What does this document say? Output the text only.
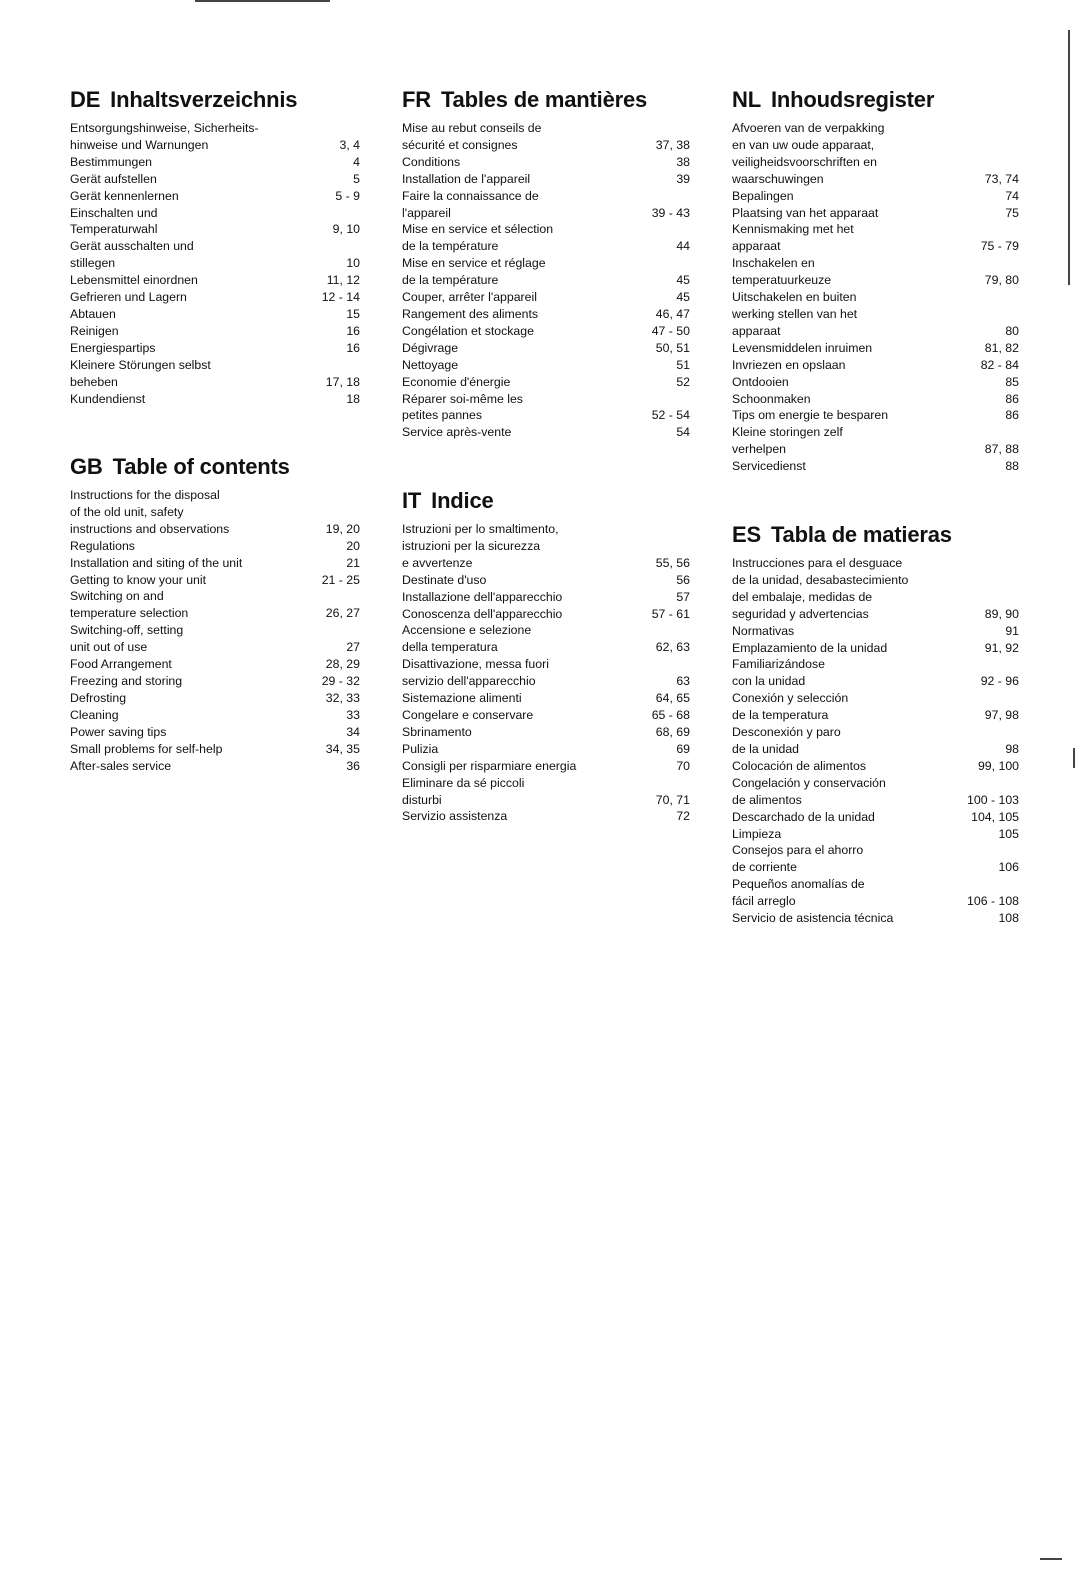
DE Inhaltsverzeichnis
Entsorgungshinweise, Sicherheits-
hinweise und Warnungen	3, 4
Bestimmungen	4
Gerät aufstellen	5
Gerät kennenlernen	5 - 9
Einschalten und
Temperaturwahl	9, 10
Gerät ausschalten und
stillegen	10
Lebensmittel einordnen	11, 12
Gefrieren und Lagern	12 - 14
Abtauen	15
Reinigen	16
Energiespartips	16
Kleinere Störungen selbst
beheben	17, 18
Kundendienst	18
GB Table of contents
Instructions for the disposal
of the old unit, safety
instructions and observations	19, 20
Regulations	20
Installation and siting of the unit	21
Getting to know your unit	21 - 25
Switching on and
temperature selection	26, 27
Switching-off, setting
unit out of use	27
Food Arrangement	28, 29
Freezing and storing	29 - 32
Defrosting	32, 33
Cleaning	33
Power saving tips	34
Small problems for self-help	34, 35
After-sales service	36
FR Tables de mantières
Mise au rebut conseils de
sécurité et consignes	37, 38
Conditions	38
Installation de l'appareil	39
Faire la connaissance de
l'appareil	39 - 43
Mise en service et sélection
de la température	44
Mise en service et réglage
de la température	45
Couper, arrêter l'appareil	45
Rangement des aliments	46, 47
Congélation et stockage	47 - 50
Dégivrage	50, 51
Nettoyage	51
Economie d'énergie	52
Réparer soi-même les
petites pannes	52 - 54
Service après-vente	54
IT Indice
Istruzioni per lo smaltimento,
istruzioni per la sicurezza
e avvertenze	55, 56
Destinate d'uso	56
Installazione dell'apparecchio	57
Conoscenza dell'apparecchio	57 - 61
Accensione e selezione
della temperatura	62, 63
Disattivazione, messa fuori
servizio dell'apparecchio	63
Sistemazione alimenti	64, 65
Congelare e conservare	65 - 68
Sbrinamento	68, 69
Pulizia	69
Consigli per risparmiare energia	70
Eliminare da sé piccoli
disturbi	70, 71
Servizio assistenza	72
NL Inhoudsregister
Afvoeren van de verpakking
en van uw oude apparaat,
veiligheidsvoorschriften en
waarschuwingen	73, 74
Bepalingen	74
Plaatsing van het apparaat	75
Kennismaking met het
apparaat	75 - 79
Inschakelen en
temperatuurkeuze	79, 80
Uitschakelen en buiten
werking stellen van het
apparaat	80
Levensmiddelen inruimen	81, 82
Invriezen en opslaan	82 - 84
Ontdooien	85
Schoonmaken	86
Tips om energie te besparen	86
Kleine storingen zelf
verhelpen	87, 88
Servicedienst	88
ES Tabla de matieras
Instrucciones para el desguace
de la unidad, desabastecimiento
del embalaje, medidas de
seguridad y advertencias	89, 90
Normativas	91
Emplazamiento de la unidad	91, 92
Familiarizándose
con la unidad	92 - 96
Conexión y selección
de la temperatura	97, 98
Desconexión y paro
de la unidad	98
Colocación de alimentos	99, 100
Congelación y conservación
de alimentos	100 - 103
Descarchado de la unidad	104, 105
Limpieza	105
Consejos para el ahorro
de corriente	106
Pequeños anomalías de
fácil arreglo	106 - 108
Servicio de asistencia técnica	108
